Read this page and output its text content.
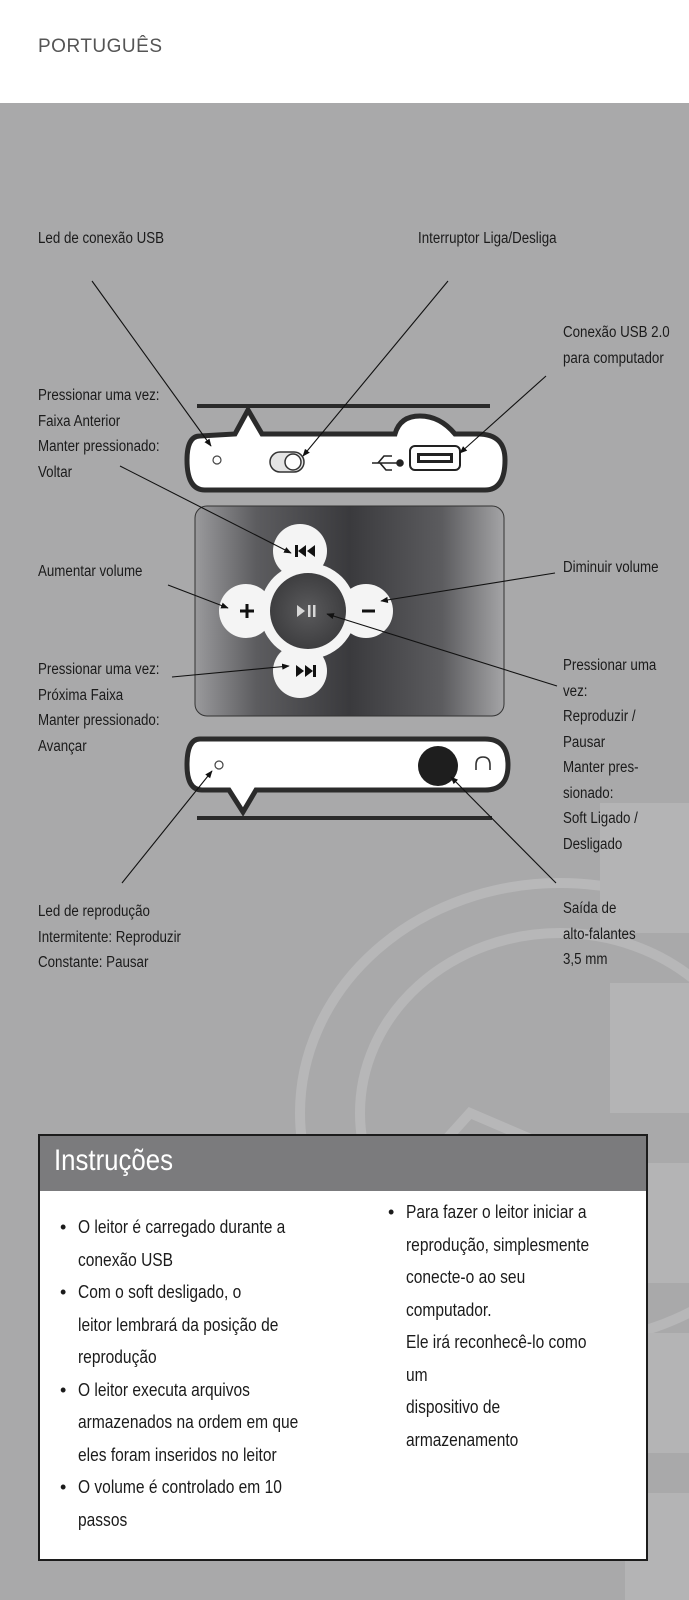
PORTUGUÊS
Led de conexão USB	Interruptor Liga/Desliga
Conexão USB 2.0
para computador
Pressionar uma vez:
Faixa Anterior
Manter pressionado:
Voltar
Aumentar volume	Diminuir volume
Pressionar uma vez:
Próxima Faixa
Manter pressionado:
Avançar
Pressionar uma
vez:
Reproduzir /
Pausar
Manter pres-
sionado:
Soft Ligado /
Desligado
Led de reprodução
Intermitente: Reproduzir
Constante: Pausar
Saída de
alto-falantes
3,5 mm
Instruções
• O leitor é carregado durante a
conexão USB
• Com o soft desligado, o
leitor lembrará da posição de
reprodução
• O leitor executa arquivos
armazenados na ordem em que
eles foram inseridos no leitor
• O volume é controlado em 10
passos
• Para fazer o leitor iniciar a
reprodução, simplesmente
conecte-o ao seu computador.
Ele irá reconhecê-lo como um
dispositivo de armazenamento
